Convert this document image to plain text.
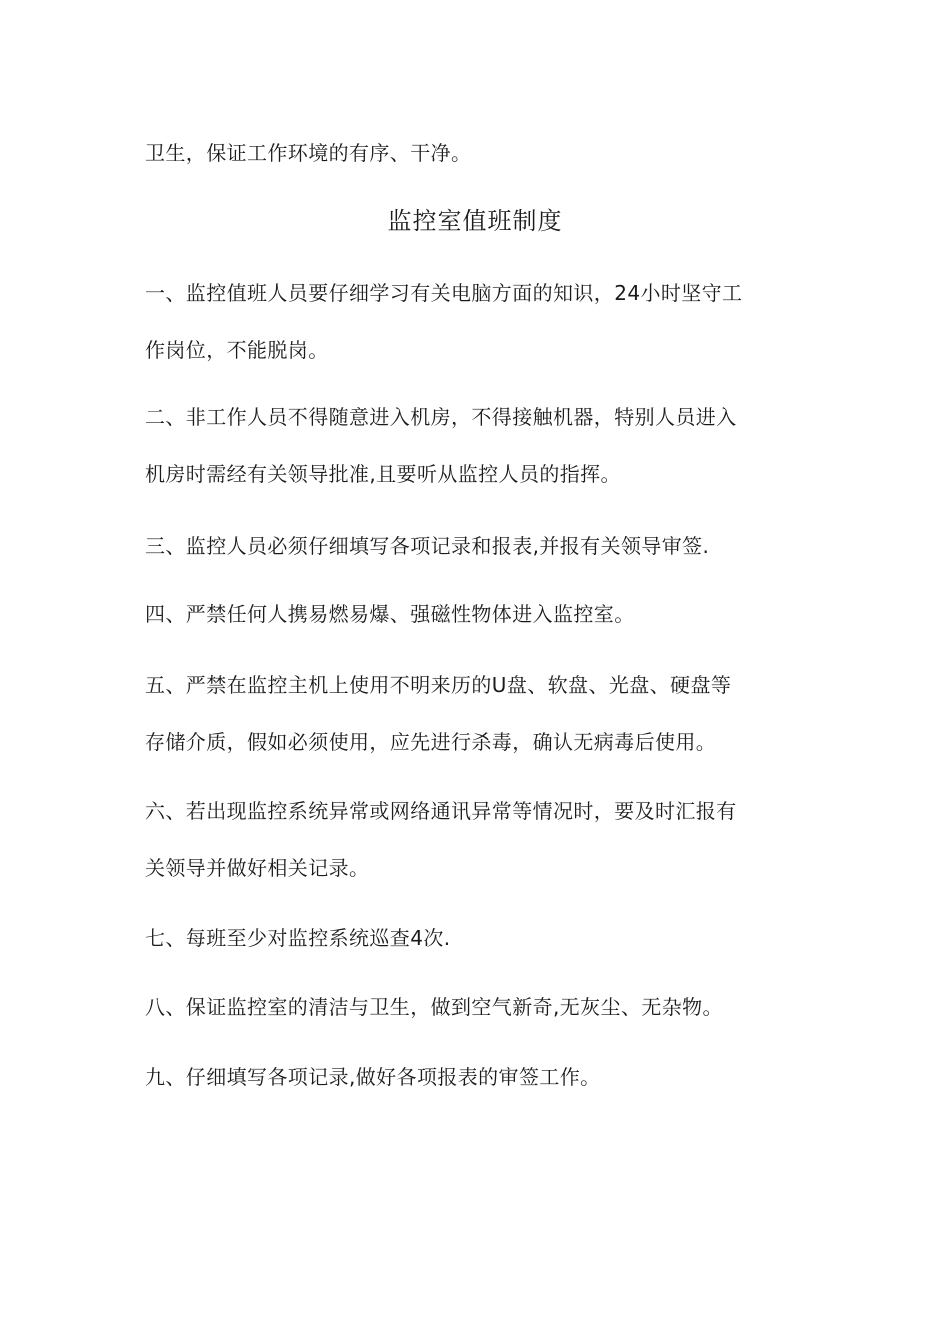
卫生，保证工作环境的有序、干净。
监控室值班制度
一、监控值班人员要仔细学习有关电脑方面的知识，24小时坚守工
作岗位，不能脱岗。
二、非工作人员不得随意进入机房，不得接触机器，特别人员进入
机房时需经有关领导批准,且要听从监控人员的指挥。
三、监控人员必须仔细填写各项记录和报表,并报有关领导审签.
四、严禁任何人携易燃易爆、强磁性物体进入监控室。
五、严禁在监控主机上使用不明来历的U盘、软盘、光盘、硬盘等
存储介质，假如必须使用，应先进行杀毒，确认无病毒后使用。
六、若出现监控系统异常或网络通讯异常等情况时，要及时汇报有
关领导并做好相关记录。
七、每班至少对监控系统巡查4次.
八、保证监控室的清洁与卫生，做到空气新奇,无灰尘、无杂物。
九、仔细填写各项记录,做好各项报表的审签工作。
